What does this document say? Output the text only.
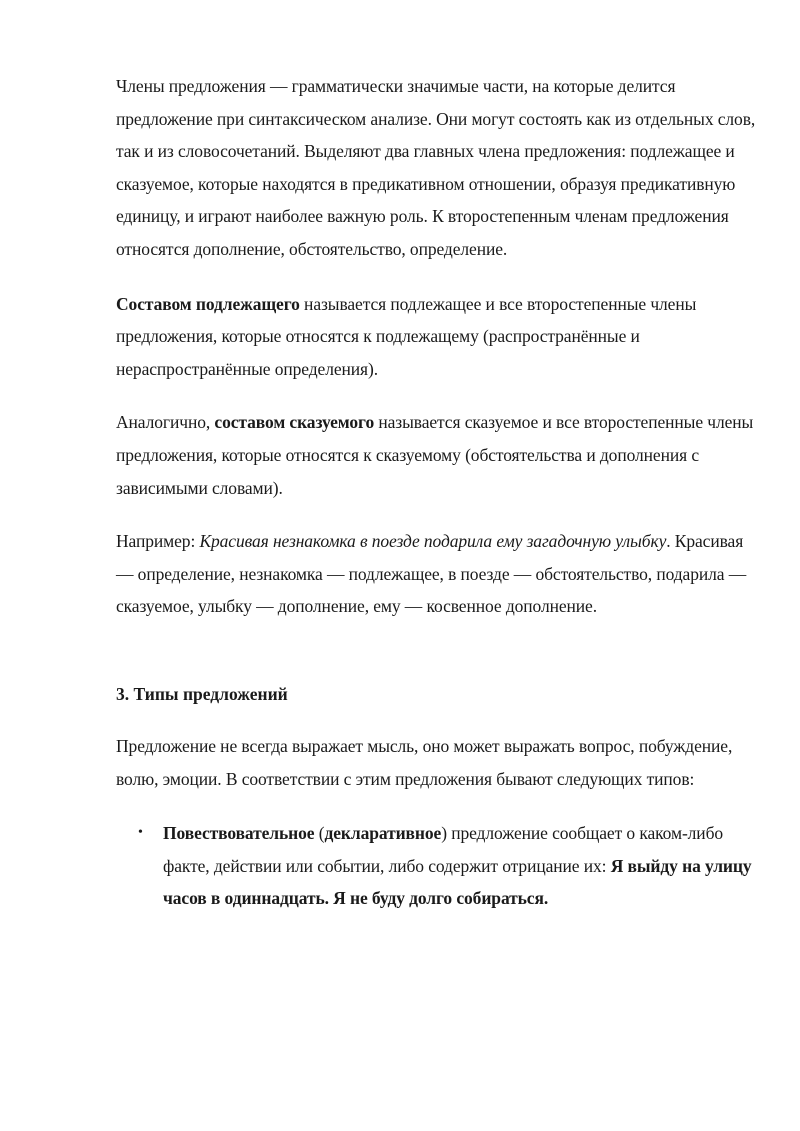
Члены предложения — грамматически значимые части, на которые делится предложение при синтаксическом анализе. Они могут состоять как из отдельных слов, так и из словосочетаний. Выделяют два главных члена предложения: подлежащее и сказуемое, которые находятся в предикативном отношении, образуя предикативную единицу, и играют наиболее важную роль. К второстепенным членам предложения относятся дополнение, обстоятельство, определение.

Составом подлежащего называется подлежащее и все второстепенные члены предложения, которые относятся к подлежащему (распространённые и нераспространённые определения).

Аналогично, составом сказуемого называется сказуемое и все второстепенные члены предложения, которые относятся к сказуемому (обстоятельства и дополнения с зависимыми словами).

Например: Красивая незнакомка в поезде подарила ему загадочную улыбку. Красивая — определение, незнакомка — подлежащее, в поезде — обстоятельство, подарила — сказуемое, улыбку — дополнение, ему — косвенное дополнение.

3. Типы предложений

Предложение не всегда выражает мысль, оно может выражать вопрос, побуждение, волю, эмоции. В соответствии с этим предложения бывают следующих типов:

• Повествовательное (декларативное) предложение сообщает о каком-либо факте, действии или событии, либо содержит отрицание их: Я выйду на улицу часов в одиннадцать. Я не буду долго собираться.
